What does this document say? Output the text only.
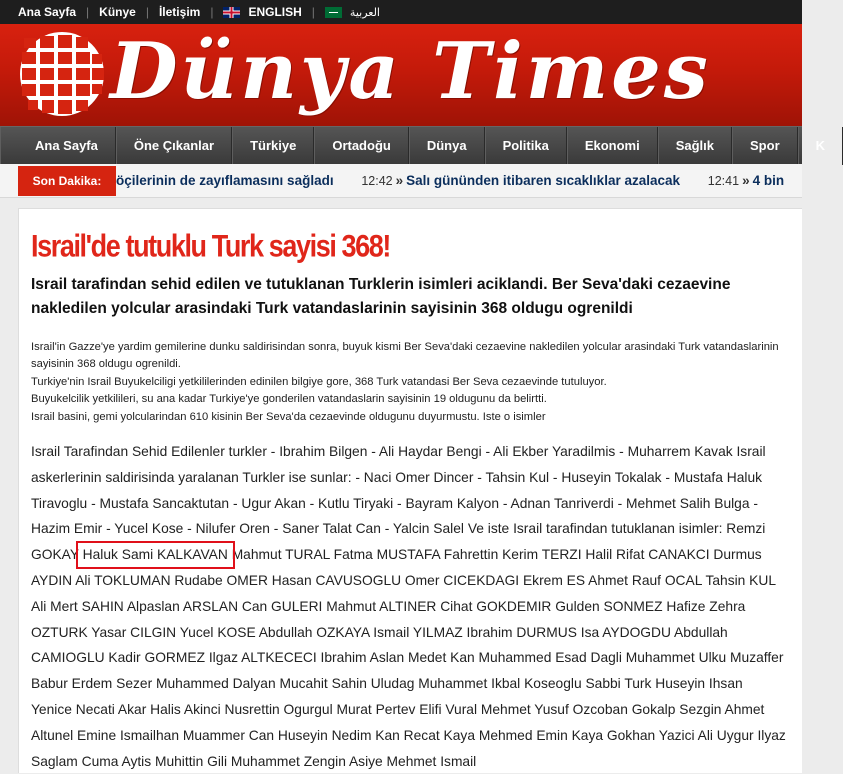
Ana Sayfa | Künye | İletişim |	ENGLISH |	العربية
Dünya Times
Ana Sayfa	Öne Çıkanlar	Türkiye	Ortadoğu	Dünya	Politika	Ekonomi	Sağlık	Spor	K
Son Dakika:	öçilerinin de zayıflamasını sağladı 12:42 » Salı gününden itibaren sıcaklıklar azalacak 12:41 » 4 bin
Israil'de tutuklu Turk sayisi 368!
Israil tarafindan sehid edilen ve tutuklanan Turklerin isimleri aciklandi. Ber Seva'daki cezaevine nakledilen yolcular arasindaki Turk vatandaslarinin sayisinin 368 oldugu ogrenildi

Israil'in Gazze'ye yardim gemilerine dunku saldirisindan sonra, buyuk kismi Ber Seva'daki cezaevine nakledilen yolcular arasindaki Turk vatandaslarinin sayisinin 368 oldugu ogrenildi.

Turkiye'nin Israil Buyukelciligi yetkililerinden edinilen bilgiye gore, 368 Turk vatandasi Ber Seva cezaevinde tutuluyor.

Buyukelcilik yetkilileri, su ana kadar Turkiye'ye gonderilen vatandaslarin sayisinin 19 oldugunu da belirtti.

Israil basini, gemi yolcularindan 610 kisinin Ber Seva'da cezaevinde oldugunu duyurmustu. Iste o isimler

Israil Tarafindan Sehid Edilenler turkler - Ibrahim Bilgen - Ali Haydar Bengi - Ali Ekber Yaradilmis - Muharrem Kavak Israil askerlerinin saldirisinda yaralanan Turkler ise sunlar: - Naci Omer Dincer - Tahsin Kul - Huseyin Tokalak - Mustafa Haluk Tiravoglu - Mustafa Sancaktutan - Ugur Akan - Kutlu Tiryaki - Bayram Kalyon - Adnan Tanriverdi - Mehmet Salih Bulga - Hazim Emir - Yucel Kose - Nilufer Oren - Saner Talat Can - Yalcin Salel Ve iste Israil tarafindan tutuklanan isimler: Remzi GOKAY Haluk Sami KALKAVAN Mahmut TURAL Fatma MUSTAFA Fahrettin Kerim TERZI Halil Rifat CANAKCI Durmus AYDIN Ali TOKLUMAN Rudabe OMER Hasan CAVUSOGLU Omer CICEKDAGI Ekrem ES Ahmet Rauf OCAL Tahsin KUL Ali Mert SAHIN Alpaslan ARSLAN Can GULERI Mahmut ALTINER Cihat GOKDEMIR Gulden SONMEZ Hafize Zehra OZTURK Yasar CILGIN Yucel KOSE Abdullah OZKAYA Ismail YILMAZ Ibrahim DURMUS Isa AYDOGDU Abdullah CAMIOGLU Kadir GORMEZ Ilgaz ALTKECECI Ibrahim Aslan Medet Kan Muhammed Esad Dagli Muhammet Ulku Muzaffer Babur Erdem Sezer Muhammed Dalyan Mucahit Sahin Uludag Muhammet Ikbal Koseoglu Sabbi Turk Huseyin Ihsan Yenice Necati Akar Halis Akinci Nusrettin Ogurgul Murat Pertev Elifi Vural Mehmet Yusuf Ozcoban Gokalp Sezgin Ahmet Altunel Emine Ismailhan Muammer Can Huseyin Nedim Kan Recat Kaya Mehmed Emin Kaya Gokhan Yazici Ali Uygur Ilyaz Saglam Cuma Aytis Muhittin Gili Muhammet Zengin Asiye Mehmet Ismail
